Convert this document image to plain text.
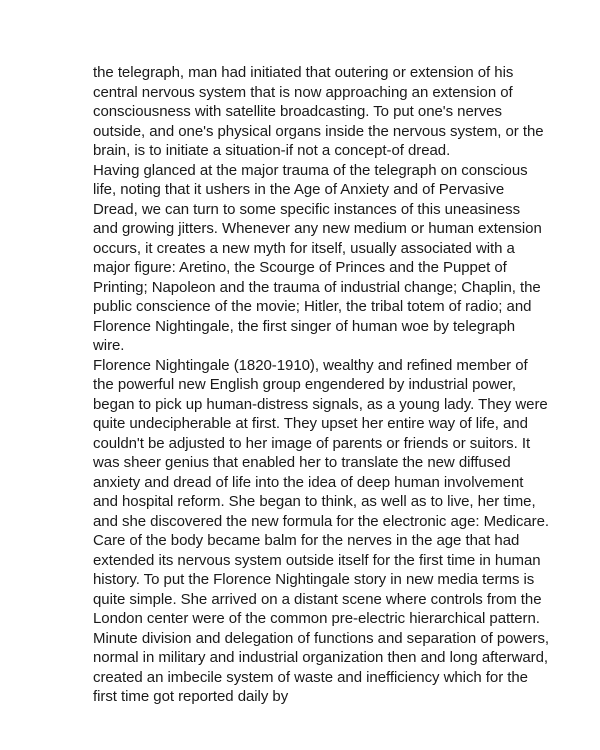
the telegraph, man had initiated that outering or extension of his
central nervous system that is now approaching an extension of
consciousness with satellite broadcasting. To put one's nerves
outside, and one's physical organs inside the nervous system, or the
brain, is to initiate a situation-if not a concept-of dread.
Having glanced at the major trauma of the telegraph on conscious
life, noting that it ushers in the Age of Anxiety and of Pervasive
Dread, we can turn to some specific instances of this uneasiness
and growing jitters. Whenever any new medium or human extension
occurs, it creates a new myth for itself, usually associated with a
major figure: Aretino, the Scourge of Princes and the Puppet of
Printing; Napoleon and the trauma of industrial change; Chaplin, the
public conscience of the movie; Hitler, the tribal totem of radio; and
Florence Nightingale, the first singer of human woe by telegraph
wire.
Florence Nightingale (1820-1910), wealthy and refined member of
the powerful new English group engendered by industrial power,
began to pick up human-distress signals, as a young lady. They were
quite undecipherable at first. They upset her entire way of life, and
couldn't be adjusted to her image of parents or friends or suitors. It
was sheer genius that enabled her to translate the new diffused
anxiety and dread of life into the idea of deep human involvement
and hospital reform. She began to think, as well as to live, her time,
and she discovered the new formula for the electronic age: Medicare.
Care of the body became balm for the nerves in the age that had
extended its nervous system outside itself for the first time in human
history. To put the Florence Nightingale story in new media terms is
quite simple. She arrived on a distant scene where controls from the
London center were of the common pre-electric hierarchical pattern.
Minute division and delegation of functions and separation of powers,
normal in military and industrial organization then and long afterward,
created an imbecile system of waste and inefficiency which for the
first time got reported daily by
